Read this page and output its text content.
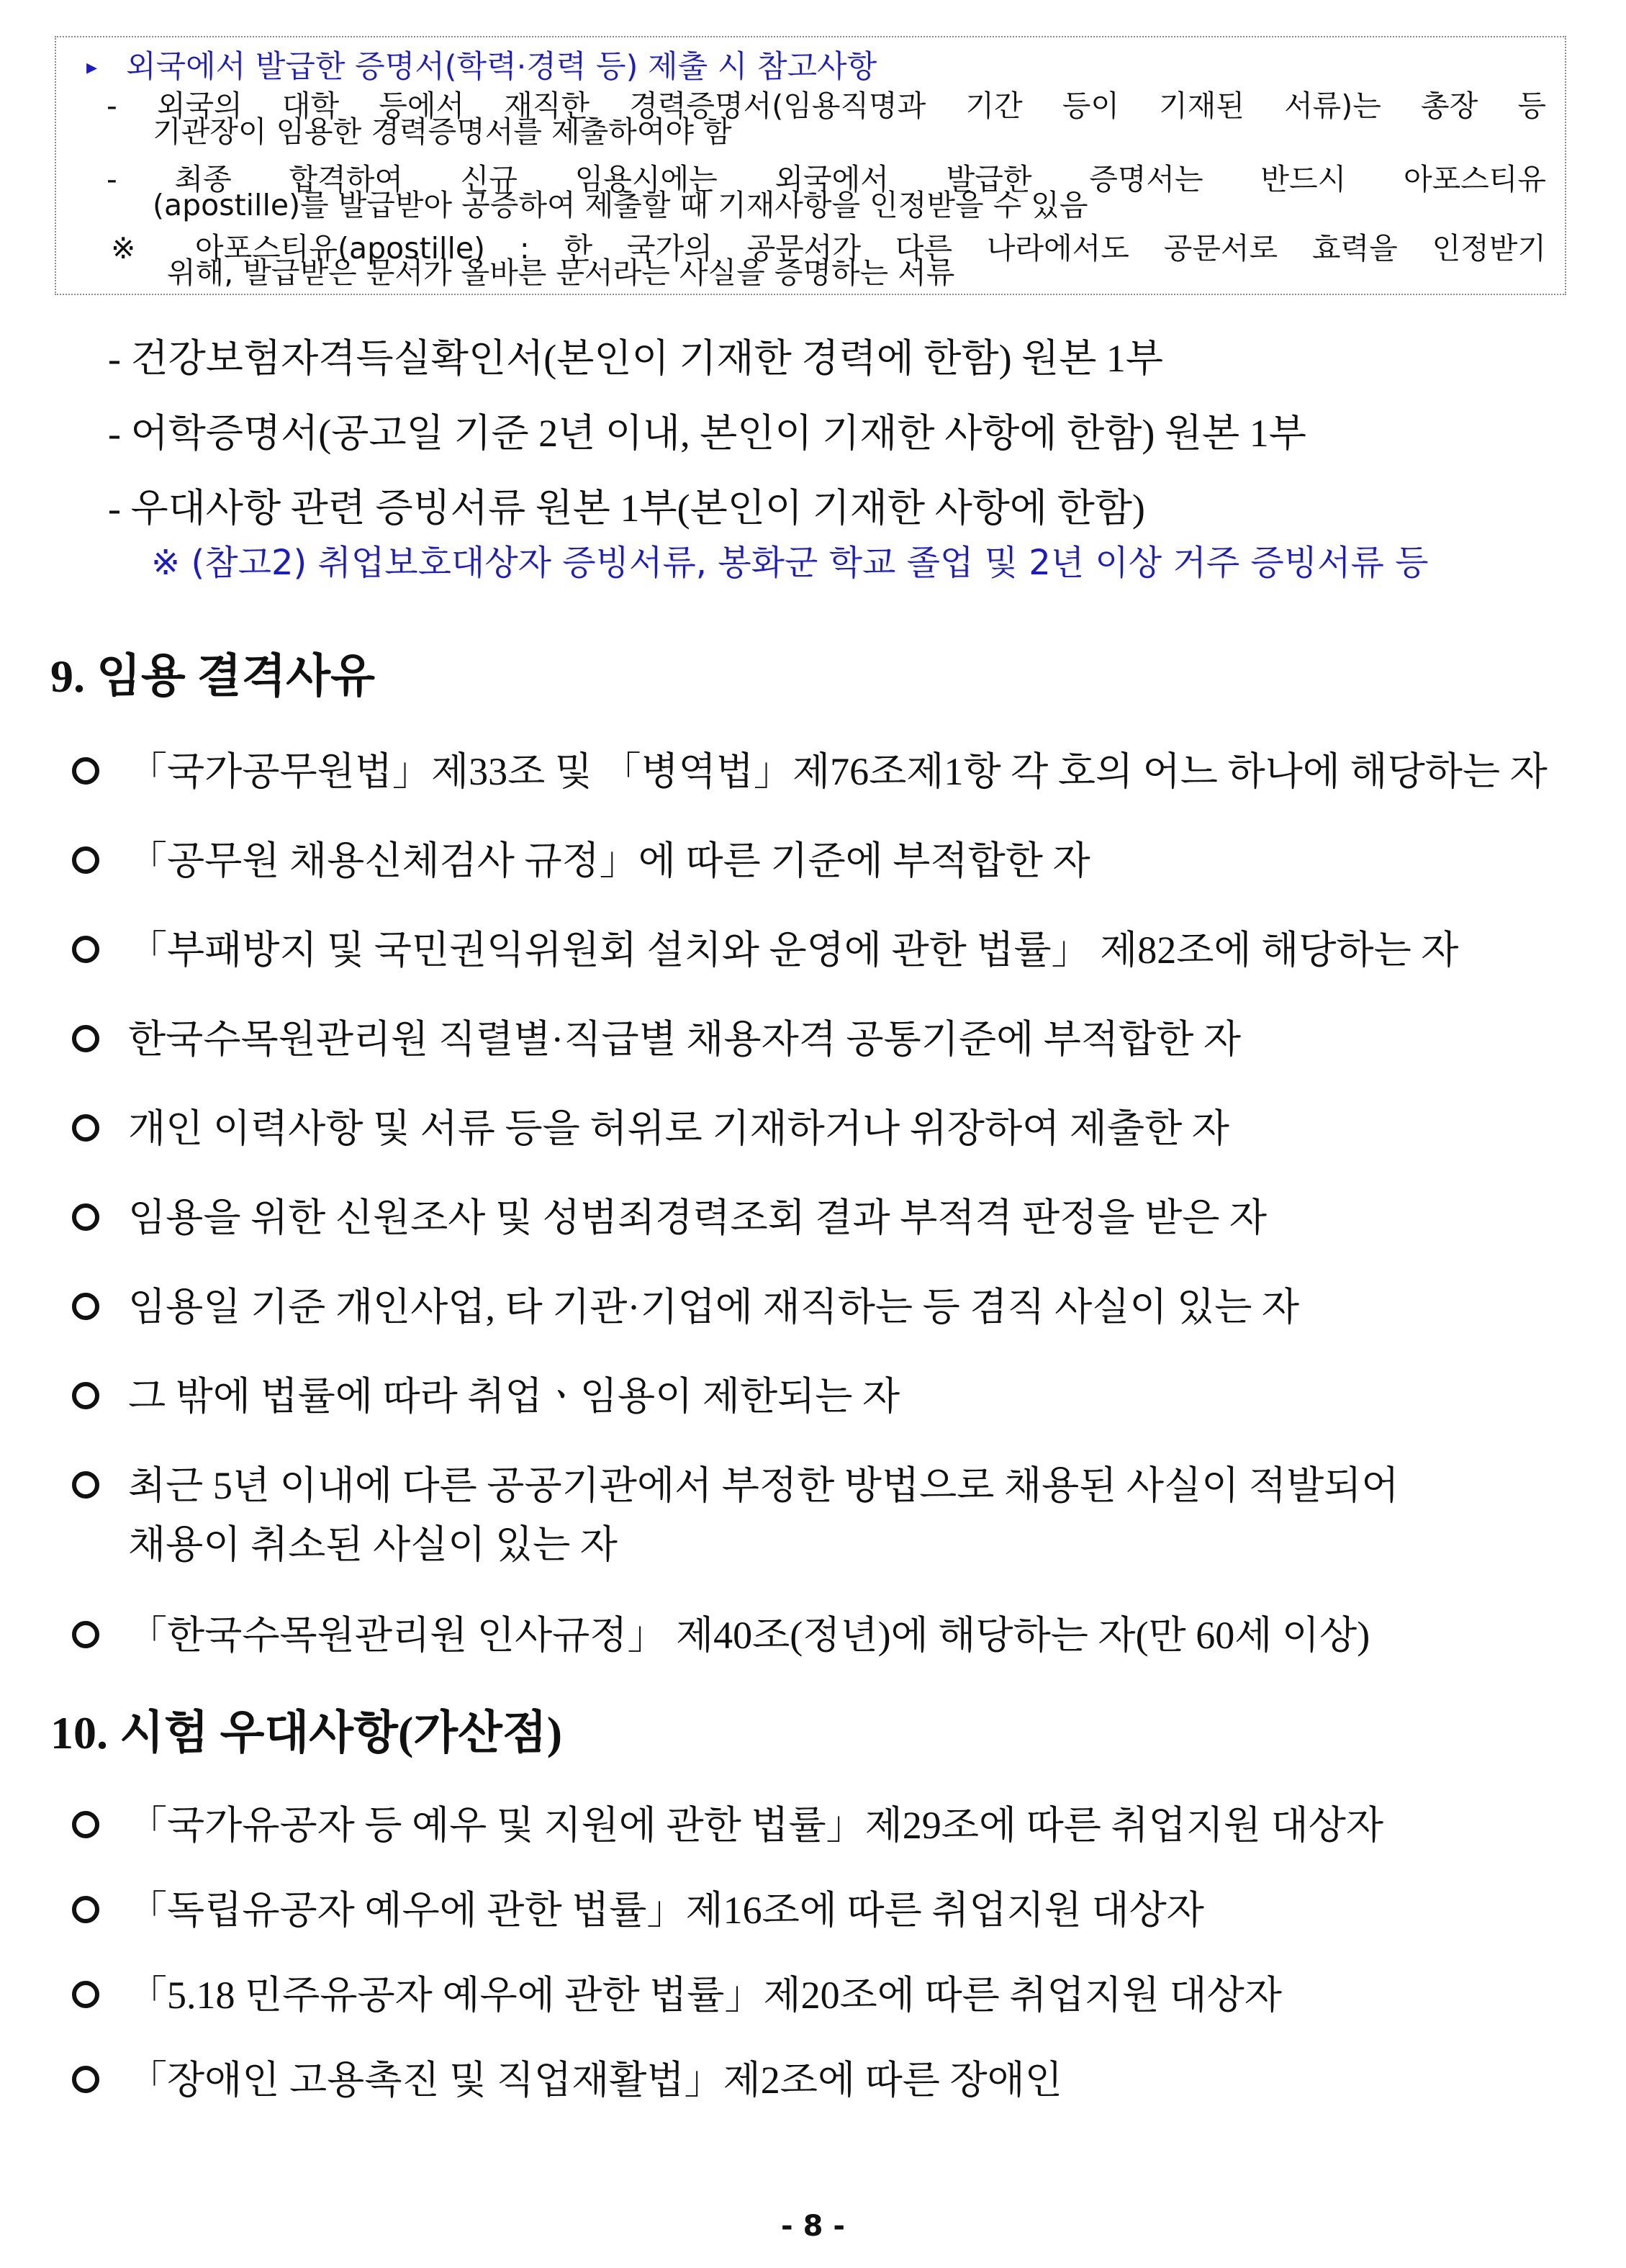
▸ 외국에서 발급한 증명서(학력·경력 등) 제출 시 참고사항
- 외국의 대학 등에서 재직한 경력증명서(임용직명과 기간 등이 기재된 서류)는 총장 등
기관장이 임용한 경력증명서를 제출하여야 함
- 최종 합격하여 신규 임용시에는 외국에서 발급한 증명서는 반드시 아포스티유
(apostille)를 발급받아 공증하여 제출할 때 기재사항을 인정받을 수 있음
※ 아포스티유(apostille) : 한 국가의 공문서가 다른 나라에서도 공문서로 효력을 인정받기
위해, 발급받은 문서가 올바른 문서라는 사실을 증명하는 서류
- 건강보험자격득실확인서(본인이 기재한 경력에 한함) 원본 1부
- 어학증명서(공고일 기준 2년 이내, 본인이 기재한 사항에 한함) 원본 1부
- 우대사항 관련 증빙서류 원본 1부(본인이 기재한 사항에 한함)
※ (참고2) 취업보호대상자 증빙서류, 봉화군 학교 졸업 및 2년 이상 거주 증빙서류 등
9. 임용 결격사유
「국가공무원법」제33조 및 「병역법」제76조제1항 각 호의 어느 하나에 해당하는 자
「공무원 채용신체검사 규정」에 따른 기준에 부적합한 자
「부패방지 및 국민권익위원회 설치와 운영에 관한 법률」 제82조에 해당하는 자
한국수목원관리원 직렬별·직급별 채용자격 공통기준에 부적합한 자
개인 이력사항 및 서류 등을 허위로 기재하거나 위장하여 제출한 자
임용을 위한 신원조사 및 성범죄경력조회 결과 부적격 판정을 받은 자
임용일 기준 개인사업, 타 기관·기업에 재직하는 등 겸직 사실이 있는 자
그 밖에 법률에 따라 취업ㆍ임용이 제한되는 자
최근 5년 이내에 다른 공공기관에서 부정한 방법으로 채용된 사실이 적발되어
채용이 취소된 사실이 있는 자
「한국수목원관리원 인사규정」 제40조(정년)에 해당하는 자(만 60세 이상)
10. 시험 우대사항(가산점)
「국가유공자 등 예우 및 지원에 관한 법률」제29조에 따른 취업지원 대상자
「독립유공자 예우에 관한 법률」제16조에 따른 취업지원 대상자
「5.18 민주유공자 예우에 관한 법률」제20조에 따른 취업지원 대상자
「장애인 고용촉진 및 직업재활법」제2조에 따른 장애인
- 8 -
